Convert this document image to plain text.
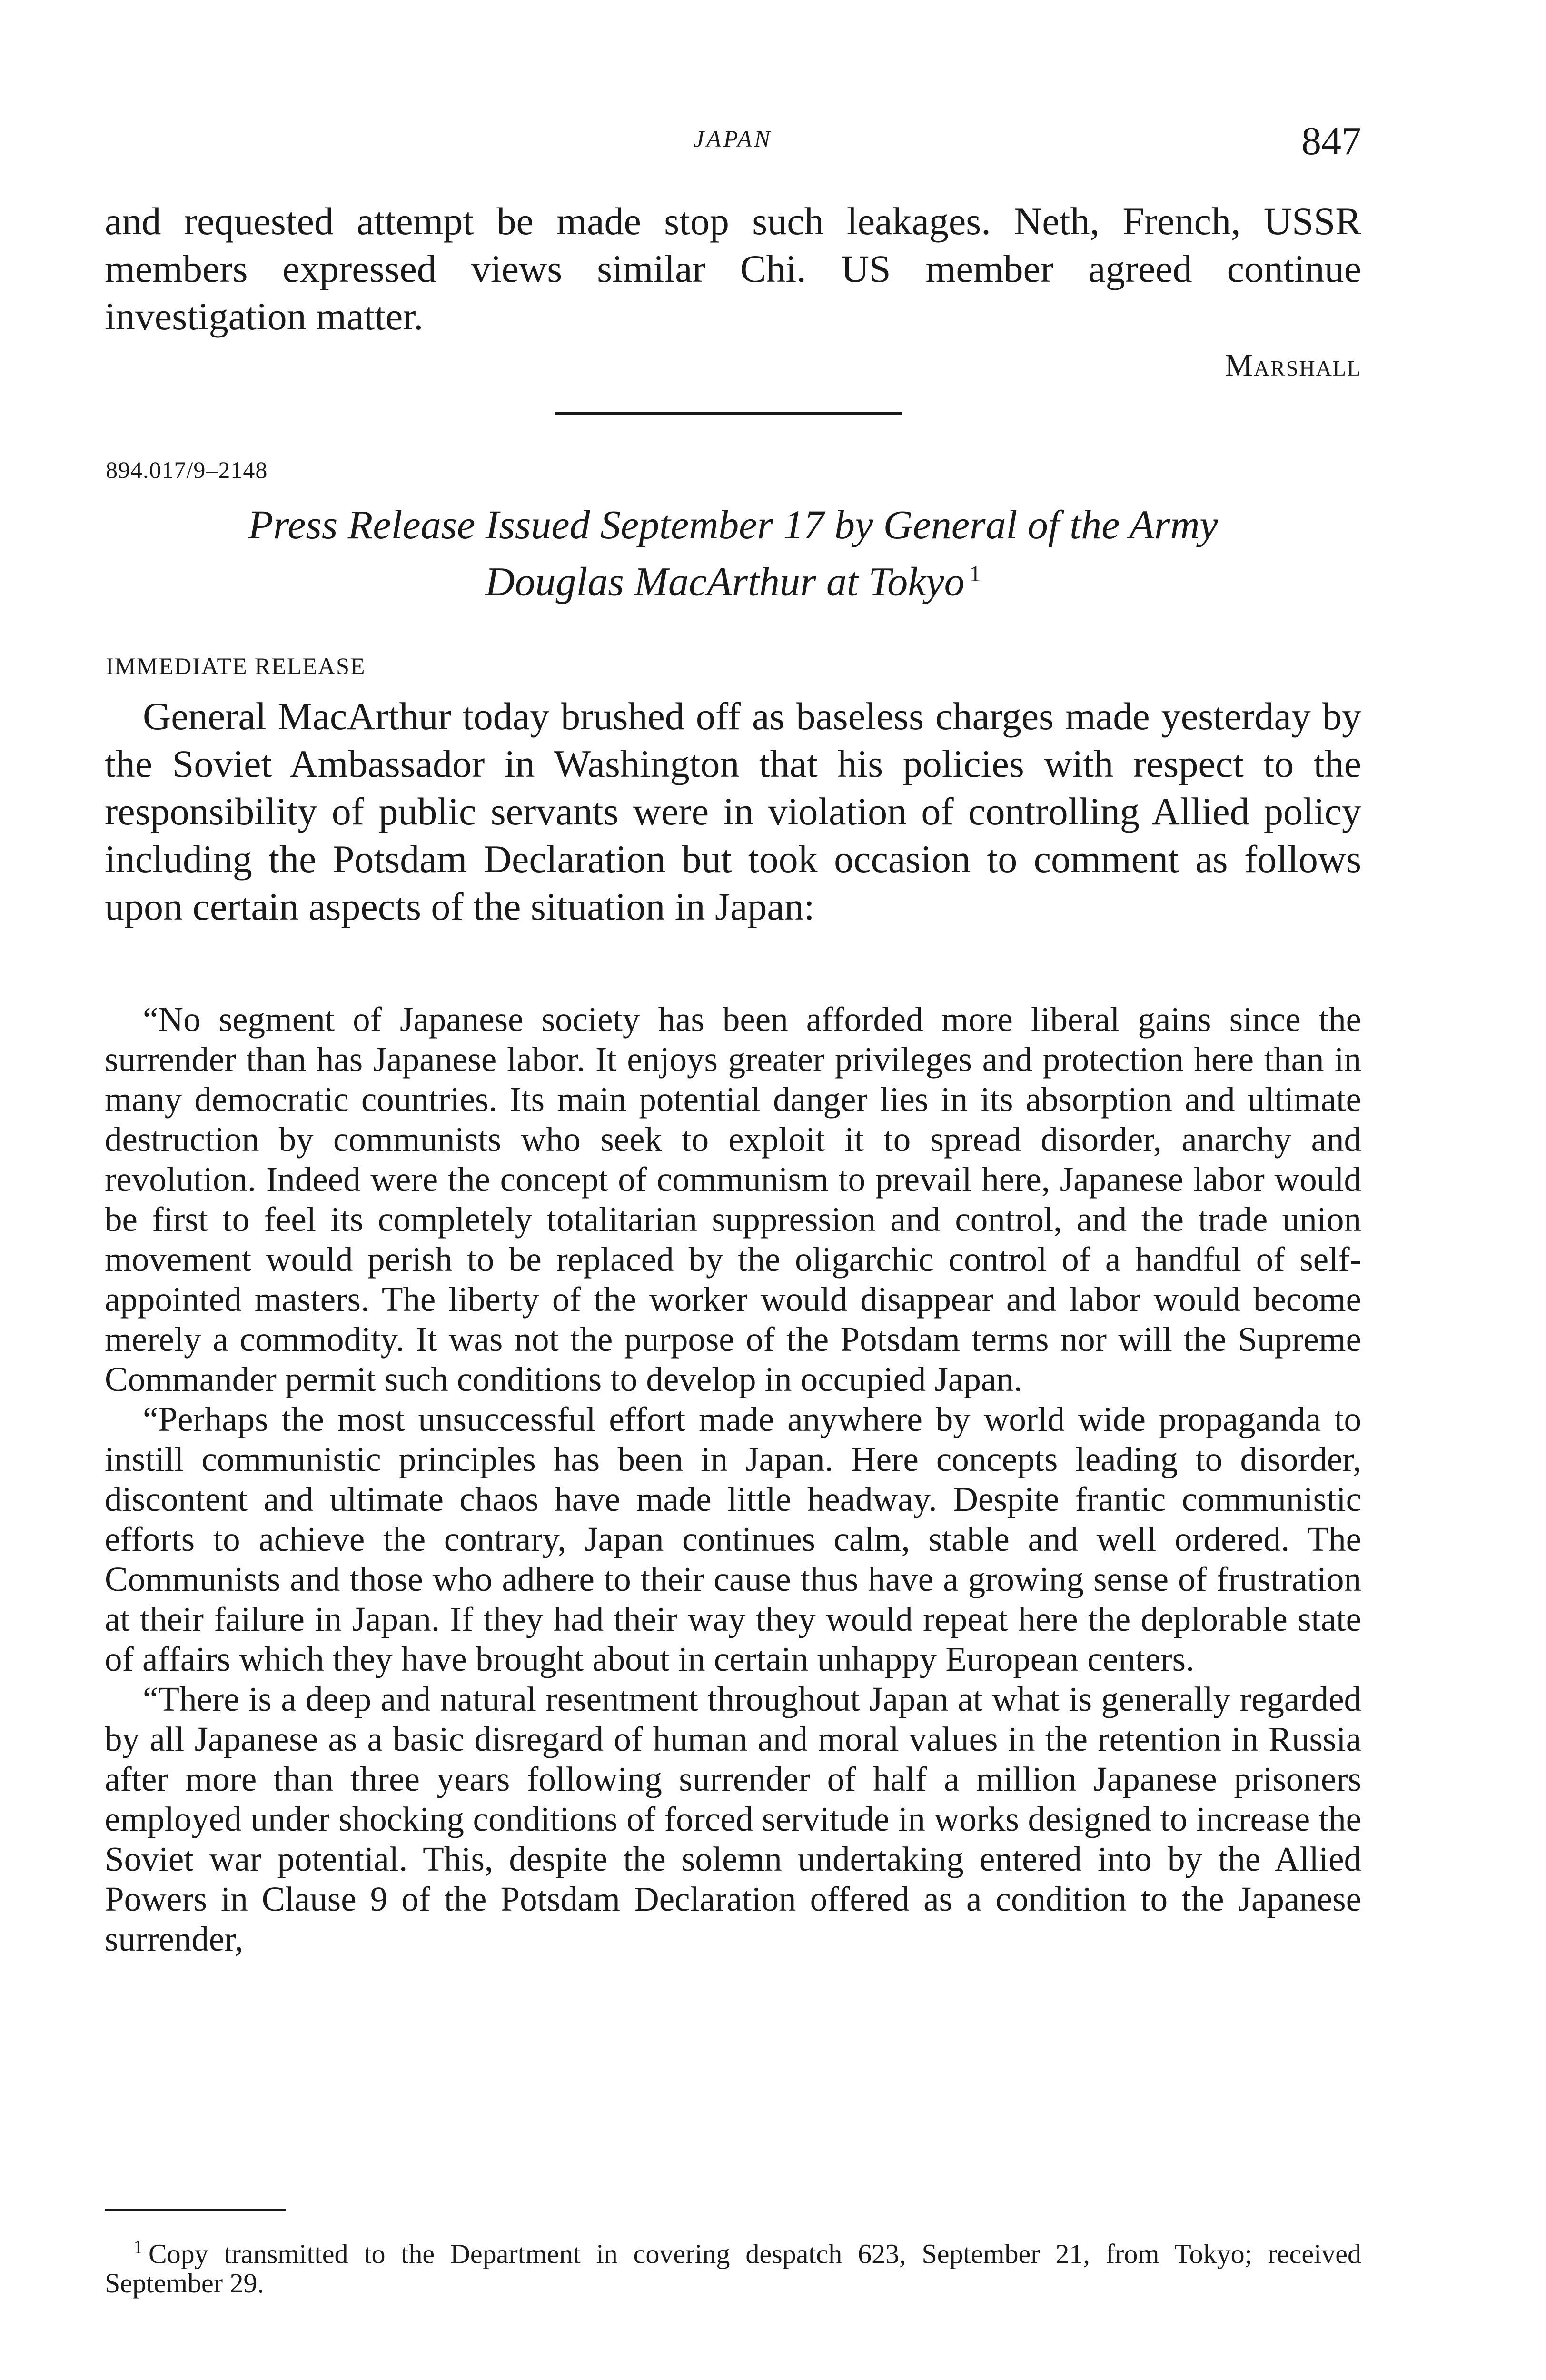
JAPAN	847

and requested attempt be made stop such leakages. Neth, French, USSR members expressed views similar Chi. US member agreed continue investigation matter.

Marshall
894.017/9–2148
Press Release Issued September 17 by General of the Army
Douglas MacArthur at Tokyo $^1$
IMMEDIATE RELEASE

General MacArthur today brushed off as baseless charges made yesterday by the Soviet Ambassador in Washington that his policies with respect to the responsibility of public servants were in violation of controlling Allied policy including the Potsdam Declaration but took occasion to comment as follows upon certain aspects of the situation in Japan:

“No segment of Japanese society has been afforded more liberal gains since the surrender than has Japanese labor. It enjoys greater privileges and protection here than in many democratic countries. Its main potential danger lies in its absorption and ultimate destruction by communists who seek to exploit it to spread disorder, anarchy and revolution. Indeed were the concept of communism to prevail here, Japanese labor would be first to feel its completely totalitarian suppression and control, and the trade union movement would perish to be replaced by the oligarchic control of a handful of self-appointed masters. The liberty of the worker would disappear and labor would become merely a commodity. It was not the purpose of the Potsdam terms nor will the Supreme Commander permit such conditions to develop in occupied Japan.

“Perhaps the most unsuccessful effort made anywhere by world wide propaganda to instill communistic principles has been in Japan. Here concepts leading to disorder, discontent and ultimate chaos have made little headway. Despite frantic communistic efforts to achieve the contrary, Japan continues calm, stable and well ordered. The Communists and those who adhere to their cause thus have a growing sense of frustration at their failure in Japan. If they had their way they would repeat here the deplorable state of affairs which they have brought about in certain unhappy European centers.

“There is a deep and natural resentment throughout Japan at what is generally regarded by all Japanese as a basic disregard of human and moral values in the retention in Russia after more than three years following surrender of half a million Japanese prisoners employed under shocking conditions of forced servitude in works designed to increase the Soviet war potential. This, despite the solemn undertaking entered into by the Allied Powers in Clause 9 of the Potsdam Declaration offered as a condition to the Japanese surrender,

$^1$ Copy transmitted to the Department in covering despatch 623, September 21, from Tokyo; received September 29.
